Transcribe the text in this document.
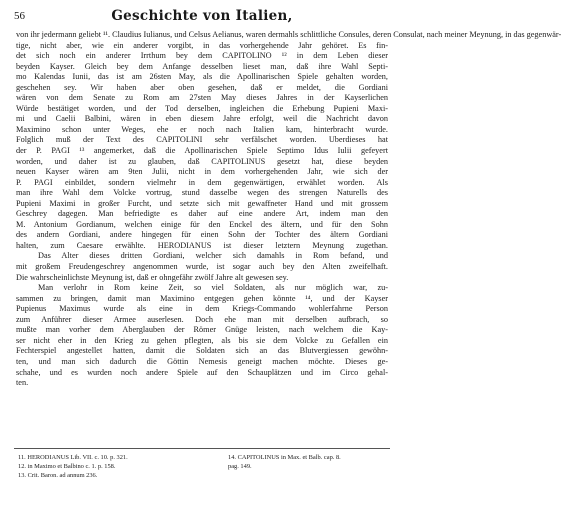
56	Geschichte von Italien,
von ihr jedermann geliebt ¹¹. Claudius Iulianus, und Celsus Aelianus, waren dermahls schlittliche Consules, deren Consulat, nach meiner Meynung, in das gegenwär-
tige, nicht aber, wie ein anderer vorgibt, in das vorhergehende Jahr gehöret. Es fin-
det sich noch ein anderer Irrthum bey dem CAPITOLINO ¹² in dem Leben dieser
beyden Kayser. Gleich bey dem Anfange desselben lieset man, daß ihre Wahl Septi-
mo Kalendas Iunii, das ist am 26sten May, als die Apollinarischen Spiele gehalten worden,
geschehen sey. Wir haben aber oben gesehen, daß er meldet, die Gordiani
wären von dem Senate zu Rom am 27sten May dieses Jahres in der Kayserlichen
Würde bestätiget worden, und der Tod derselben, ingleichen die Erhebung Pupieni Maxi-
mi und Caelii Balbini, wären in eben diesem Jahre erfolgt, weil die Nachricht davon
Maximino schon unter Weges, ehe er noch nach Italien kam, hinterbracht wurde.
Folglich muß der Text des CAPITOLINI sehr verfälschet worden. Uberdieses hat
der P. PAGI ¹³ angemerket, daß die Apollinarischen Spiele Septimo Idus Iulii gefeyert
worden, und daher ist zu glauben, daß CAPITOLINUS gesetzt hat, diese beyden
neuen Kayser wären am 9ten Julii, nicht in dem vorhergehenden Jahr, wie sich der
P. PAGI einbildet, sondern vielmehr in dem gegenwärtigen, erwählet worden. Als
man ihre Wahl dem Volcke vortrug, stund dasselbe wegen des strengen Naturells des
Pupieni Maximi in großer Furcht, und setzte sich mit gewaffneter Hand und mit grossem
Geschrey dagegen. Man befriedigte es daher auf eine andere Art, indem man den
M. Antonium Gordianum, welchen einige für den Enckel des ältern, und für den Sohn
des andern Gordiani, andere hingegen für einen Sohn der Tochter des ältern Gordiani
halten, zum Caesare erwählte. HERODIANUS ist dieser letztern Meynung zugethan.
Das Alter dieses dritten Gordiani, welcher sich damahls in Rom befand, und
mit großem Freudengeschrey angenommen wurde, ist sogar auch bey den Alten zweifelhaft.
Die wahrscheinlichste Meynung ist, daß er ohngefähr zwölf Jahre alt gewesen sey.
Man verlohr in Rom keine Zeit, so viel Soldaten, als nur möglich war, zu-
sammen zu bringen, damit man Maximino entgegen gehen könnte ¹⁴, und der Kayser
Pupienus Maximus wurde als eine in dem Kriegs-Commando wohlerfahrne Person
zum Anführer dieser Armee auserlesen. Doch ehe man mit derselben aufbrach, so
mußte man vorher dem Aberglauben der Römer Gnüge leisten, nach welchem die Kay-
ser nicht eher in den Krieg zu gehen pflegten, als bis sie dem Volcke zu Gefallen ein
Fechterspiel angestellet hatten, damit die Soldaten sich an das Blutvergiessen gewöhn-
ten, und man sich dadurch die Göttin Nemesis geneigt machen möchte. Dieses ge-
schahe, und es wurden noch andere Spiele auf den Schauplätzen und im Circo gehal-
ten.
11. HERODIANUS Lib. VII. c. 10. p. 321.
12. in Maximo et Balbino c. 1. p. 158.
13. Crit. Baron. ad annum 236.
14. CAPITOLINUS in Max. et Balb. cap. 8.
pag. 149.
